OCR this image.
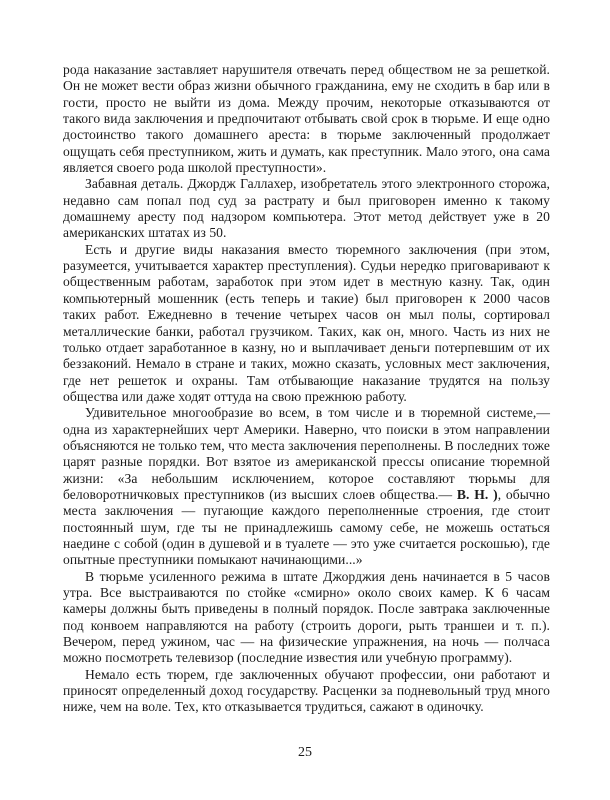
рода наказание заставляет нарушителя отвечать перед обществом не за решеткой. Он не может вести образ жизни обычного гражданина, ему не сходить в бар или в гости, просто не выйти из дома. Между прочим, некоторые отказываются от такого вида заключения и предпочитают отбывать свой срок в тюрьме. И еще одно достоинство такого домашнего ареста: в тюрьме заключенный продолжает ощущать себя преступником, жить и думать, как преступник. Мало этого, она сама является своего рода школой преступности».

Забавная деталь. Джордж Галлахер, изобретатель этого электронного сторожа, недавно сам попал под суд за растрату и был приговорен именно к такому домашнему аресту под надзором компьютера. Этот метод действует уже в 20 американских штатах из 50.

Есть и другие виды наказания вместо тюремного заключения (при этом, разумеется, учитывается характер преступления). Судьи нередко приговаривают к общественным работам, заработок при этом идет в местную казну. Так, один компьютерный мошенник (есть теперь и такие) был приговорен к 2000 часов таких работ. Ежедневно в течение четырех часов он мыл полы, сортировал металлические банки, работал грузчиком. Таких, как он, много. Часть из них не только отдает заработанное в казну, но и выплачивает деньги потерпевшим от их беззаконий. Немало в стране и таких, можно сказать, условных мест заключения, где нет решеток и охраны. Там отбывающие наказание трудятся на пользу общества или даже ходят оттуда на свою прежнюю работу.

Удивительное многообразие во всем, в том числе и в тюремной системе,— одна из характернейших черт Америки. Наверно, что поиски в этом направлении объясняются не только тем, что места заключения переполнены. В последних тоже царят разные порядки. Вот взятое из американской прессы описание тюремной жизни: «За небольшим исключением, которое составляют тюрьмы для беловоротничковых преступников (из высших слоев общества.— В. Н. ), обычно места заключения — пугающие каждого переполненные строения, где стоит постоянный шум, где ты не принадлежишь самому себе, не можешь остаться наедине с собой (один в душевой и в туалете — это уже считается роскошью), где опытные преступники помыкают начинающими...»

В тюрьме усиленного режима в штате Джорджия день начинается в 5 часов утра. Все выстраиваются по стойке «смирно» около своих камер. К 6 часам камеры должны быть приведены в полный порядок. После завтрака заключенные под конвоем направляются на работу (строить дороги, рыть траншеи и т. п.). Вечером, перед ужином, час — на физические упражнения, на ночь — полчаса можно посмотреть телевизор (последние известия или учебную программу).

Немало есть тюрем, где заключенных обучают профессии, они работают и приносят определенный доход государству. Расценки за подневольный труд много ниже, чем на воле. Тех, кто отказывается трудиться, сажают в одиночку.

25
